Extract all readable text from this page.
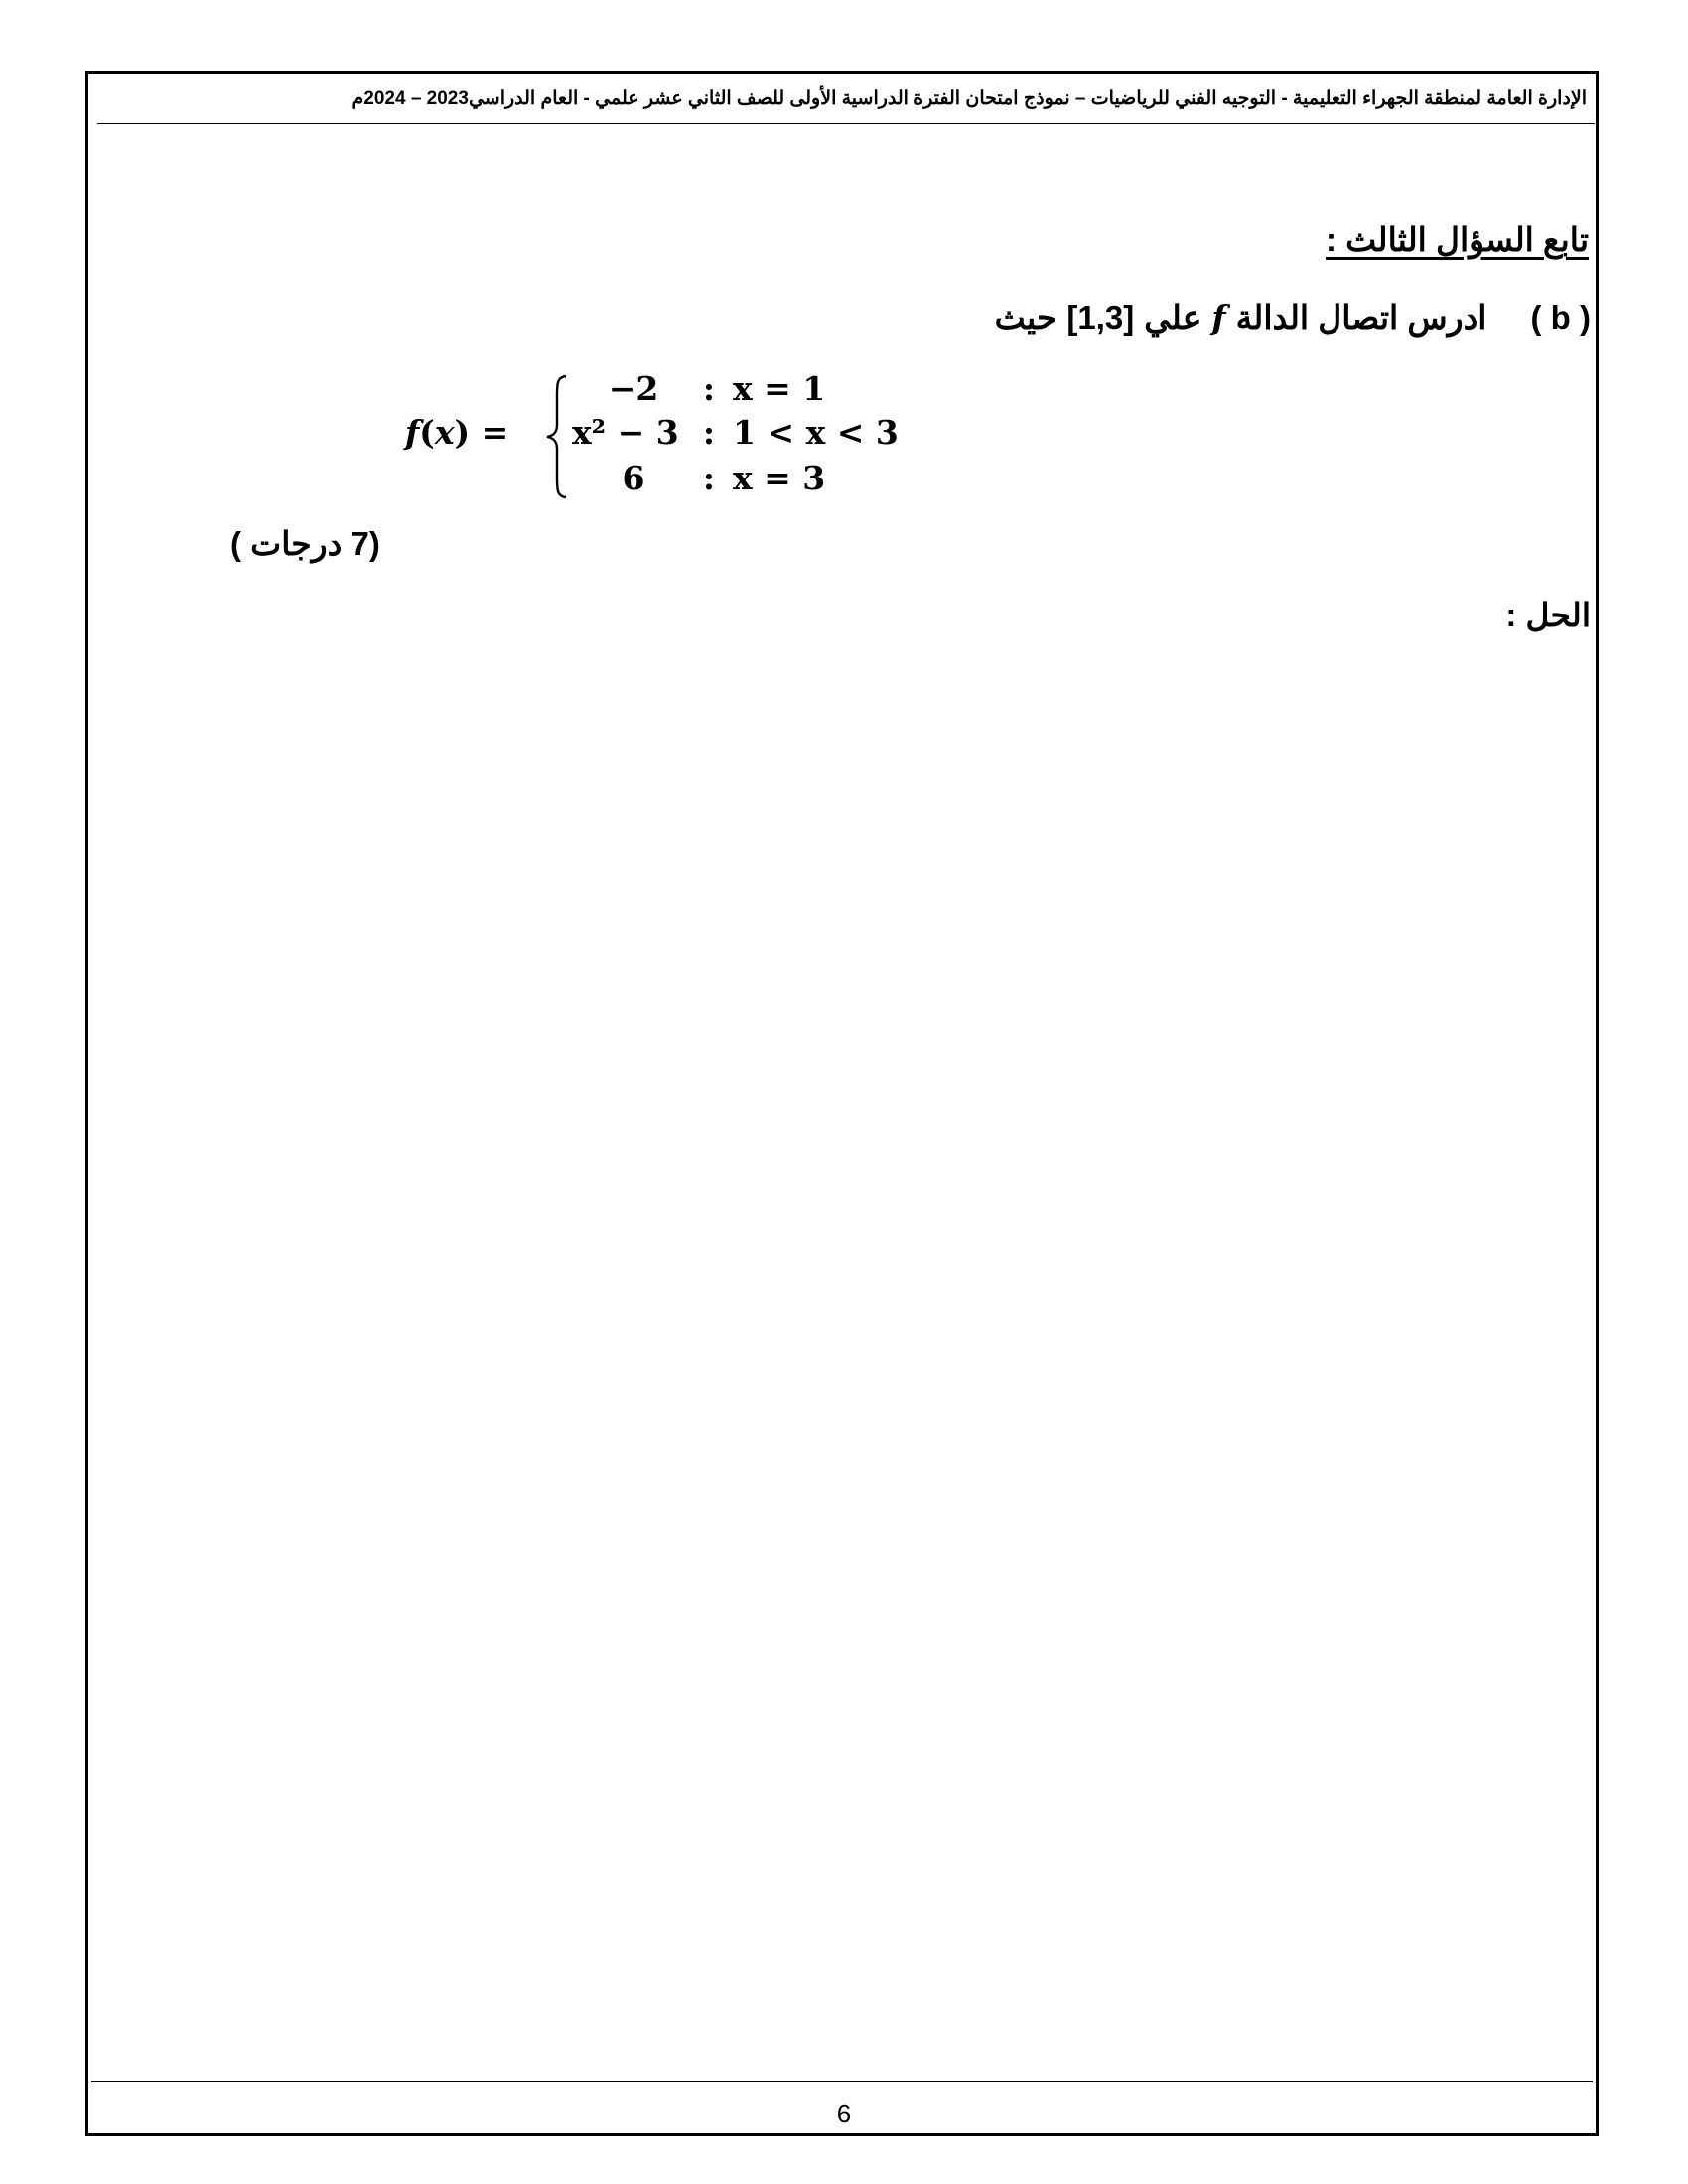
الإدارة العامة لمنطقة الجهراء التعليمية - التوجيه الفني للرياضيات – نموذج امتحان الفترة الدراسية الأولى للصف الثاني عشر علمي - العام الدراسي2023 – 2024م
تابع السؤال الثالث :
( b )
ادرس اتصال الدالة
f
علي
[1,3]
حيث
f(x) =
−2
x² − 3
6
:
:
:
x = 1
1 < x < 3
x = 3
(7 درجات )
الحل :
6
